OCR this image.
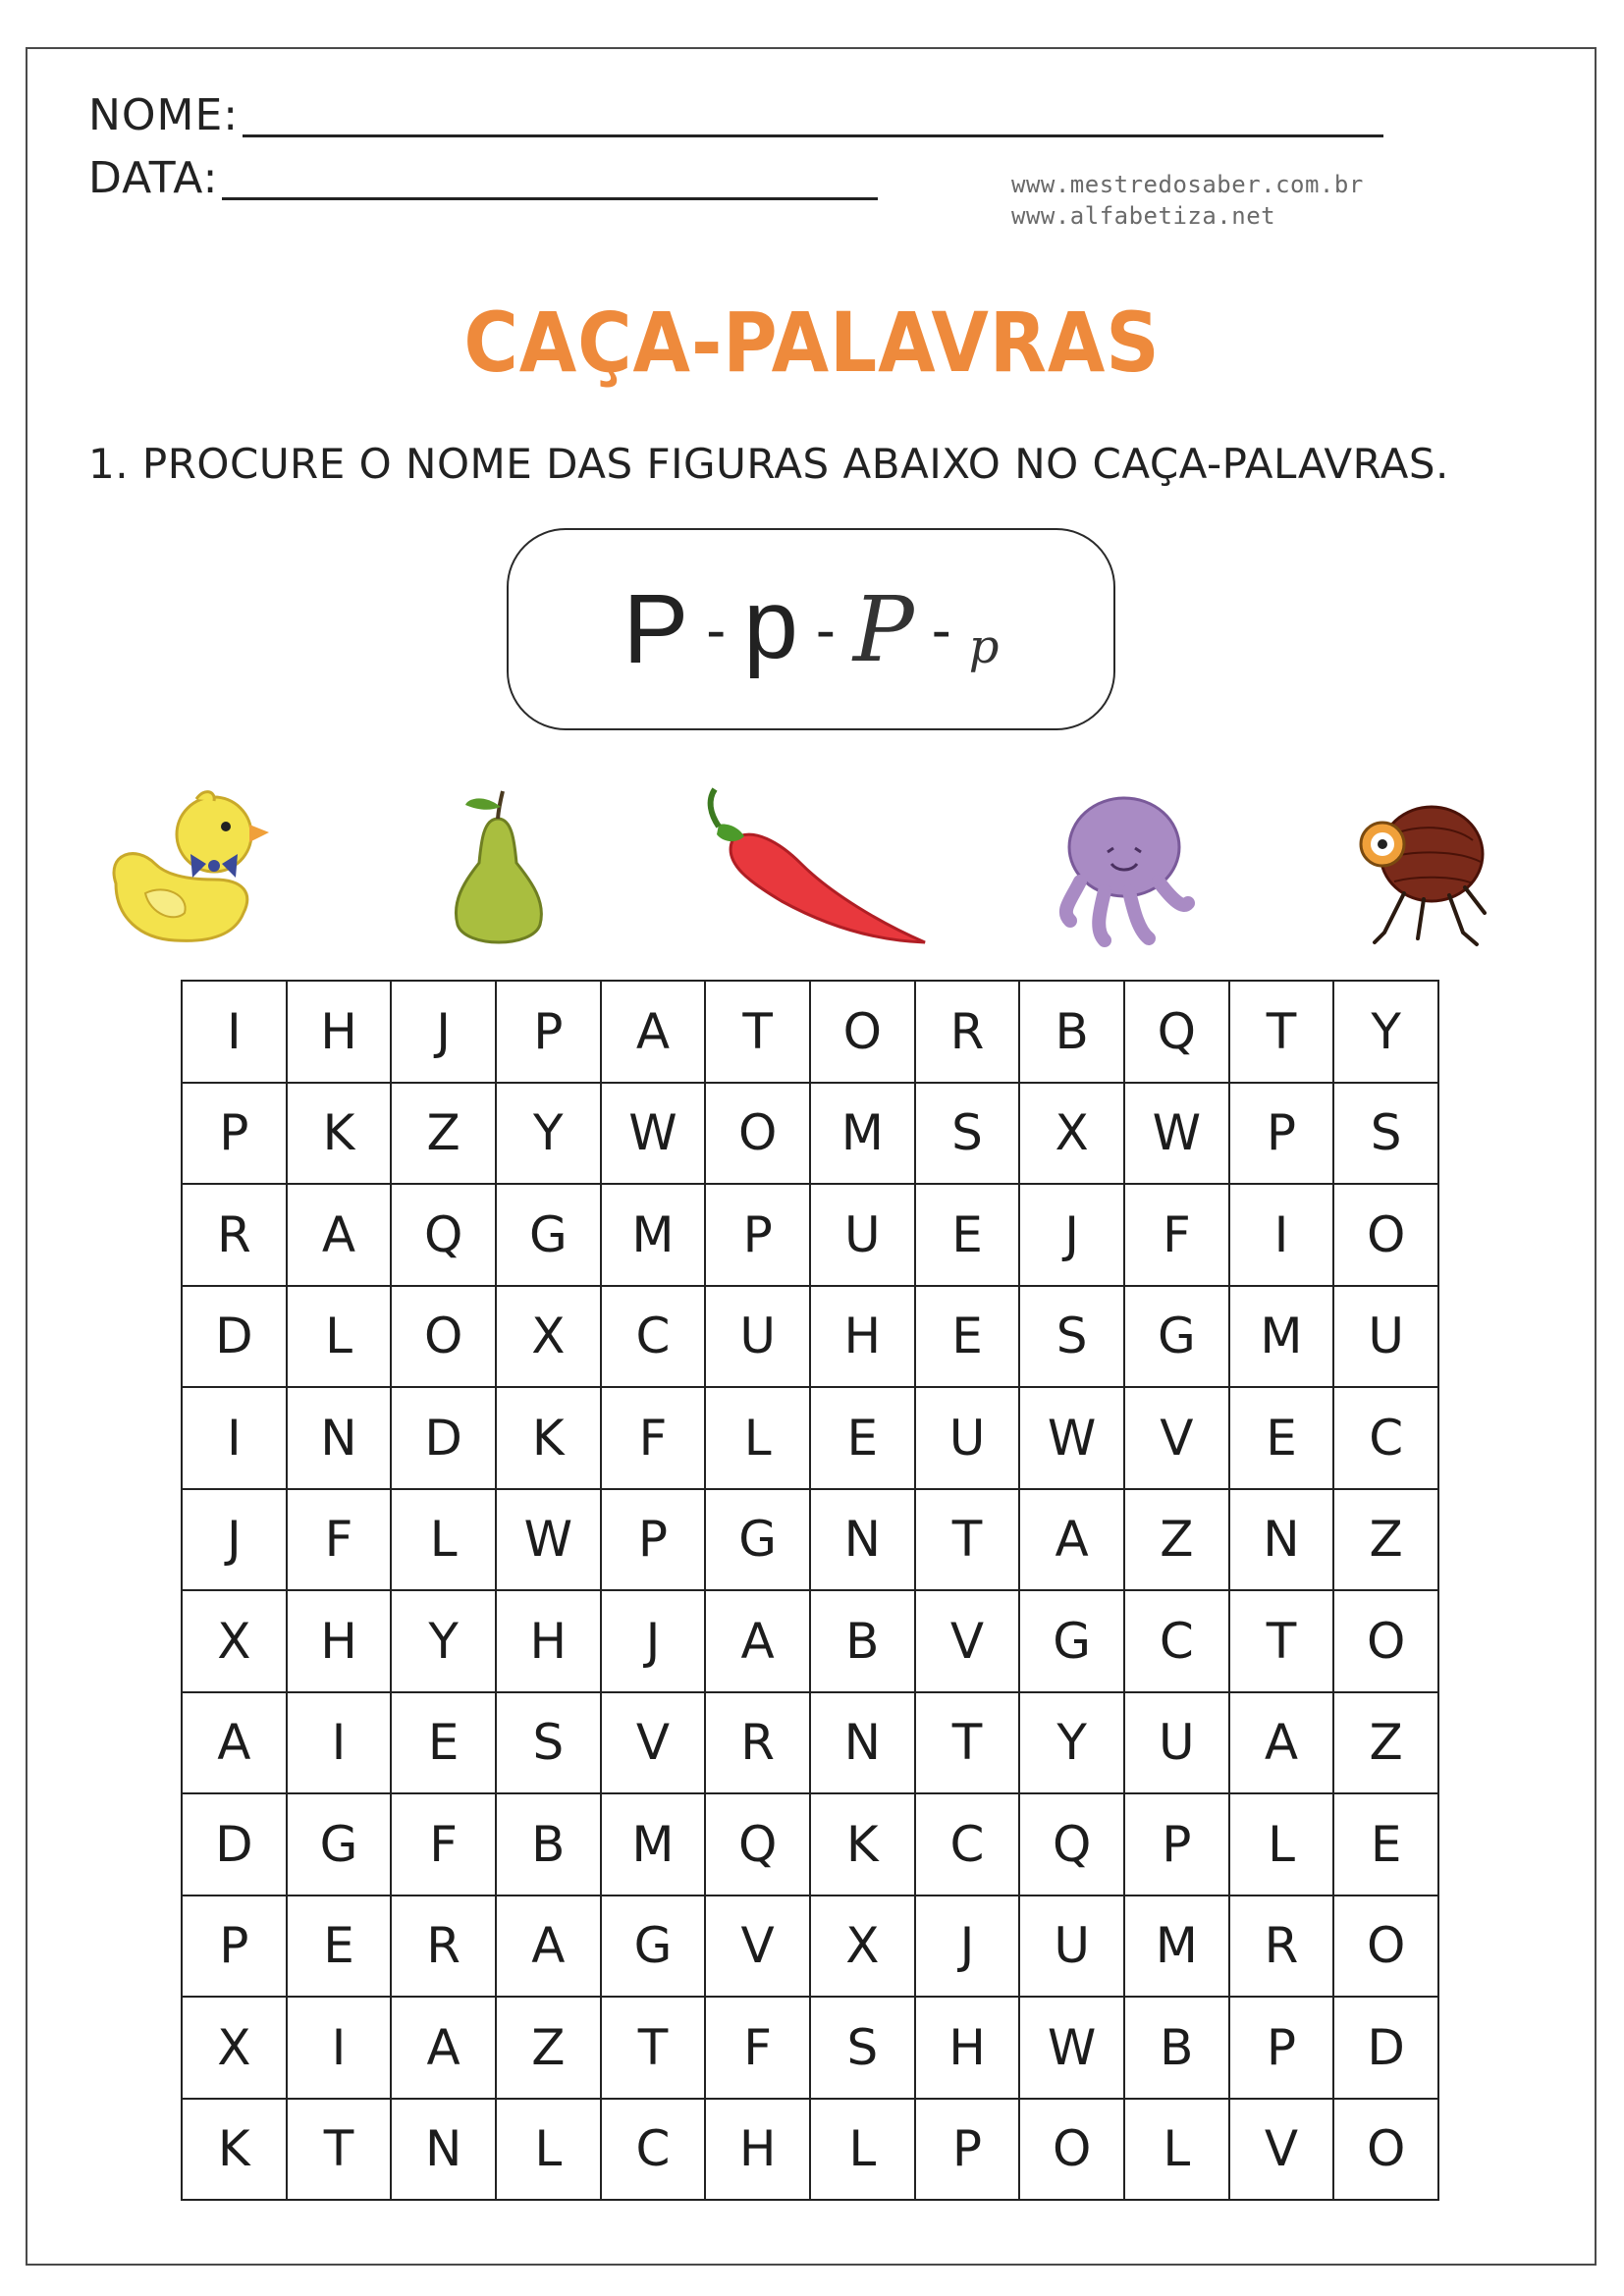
NOME:
DATA:	www.mestredosaber.com.br
www.alfabetiza.net
CAÇA-PALAVRAS
1. PROCURE O NOME DAS FIGURAS ABAIXO NO CAÇA-PALAVRAS.
P - p - P - p
I	H	J	P	A	T	O	R	B	Q	T	Y
P	K	Z	Y	W	O	M	S	X	W	P	S
R	A	Q	G	M	P	U	E	J	F	I	O
D	L	O	X	C	U	H	E	S	G	M	U
I	N	D	K	F	L	E	U	W	V	E	C
J	F	L	W	P	G	N	T	A	Z	N	Z
X	H	Y	H	J	A	B	V	G	C	T	O
A	I	E	S	V	R	N	T	Y	U	A	Z
D	G	F	B	M	Q	K	C	Q	P	L	E
P	E	R	A	G	V	X	J	U	M	R	O
X	I	A	Z	T	F	S	H	W	B	P	D
K	T	N	L	C	H	L	P	O	L	V	O
